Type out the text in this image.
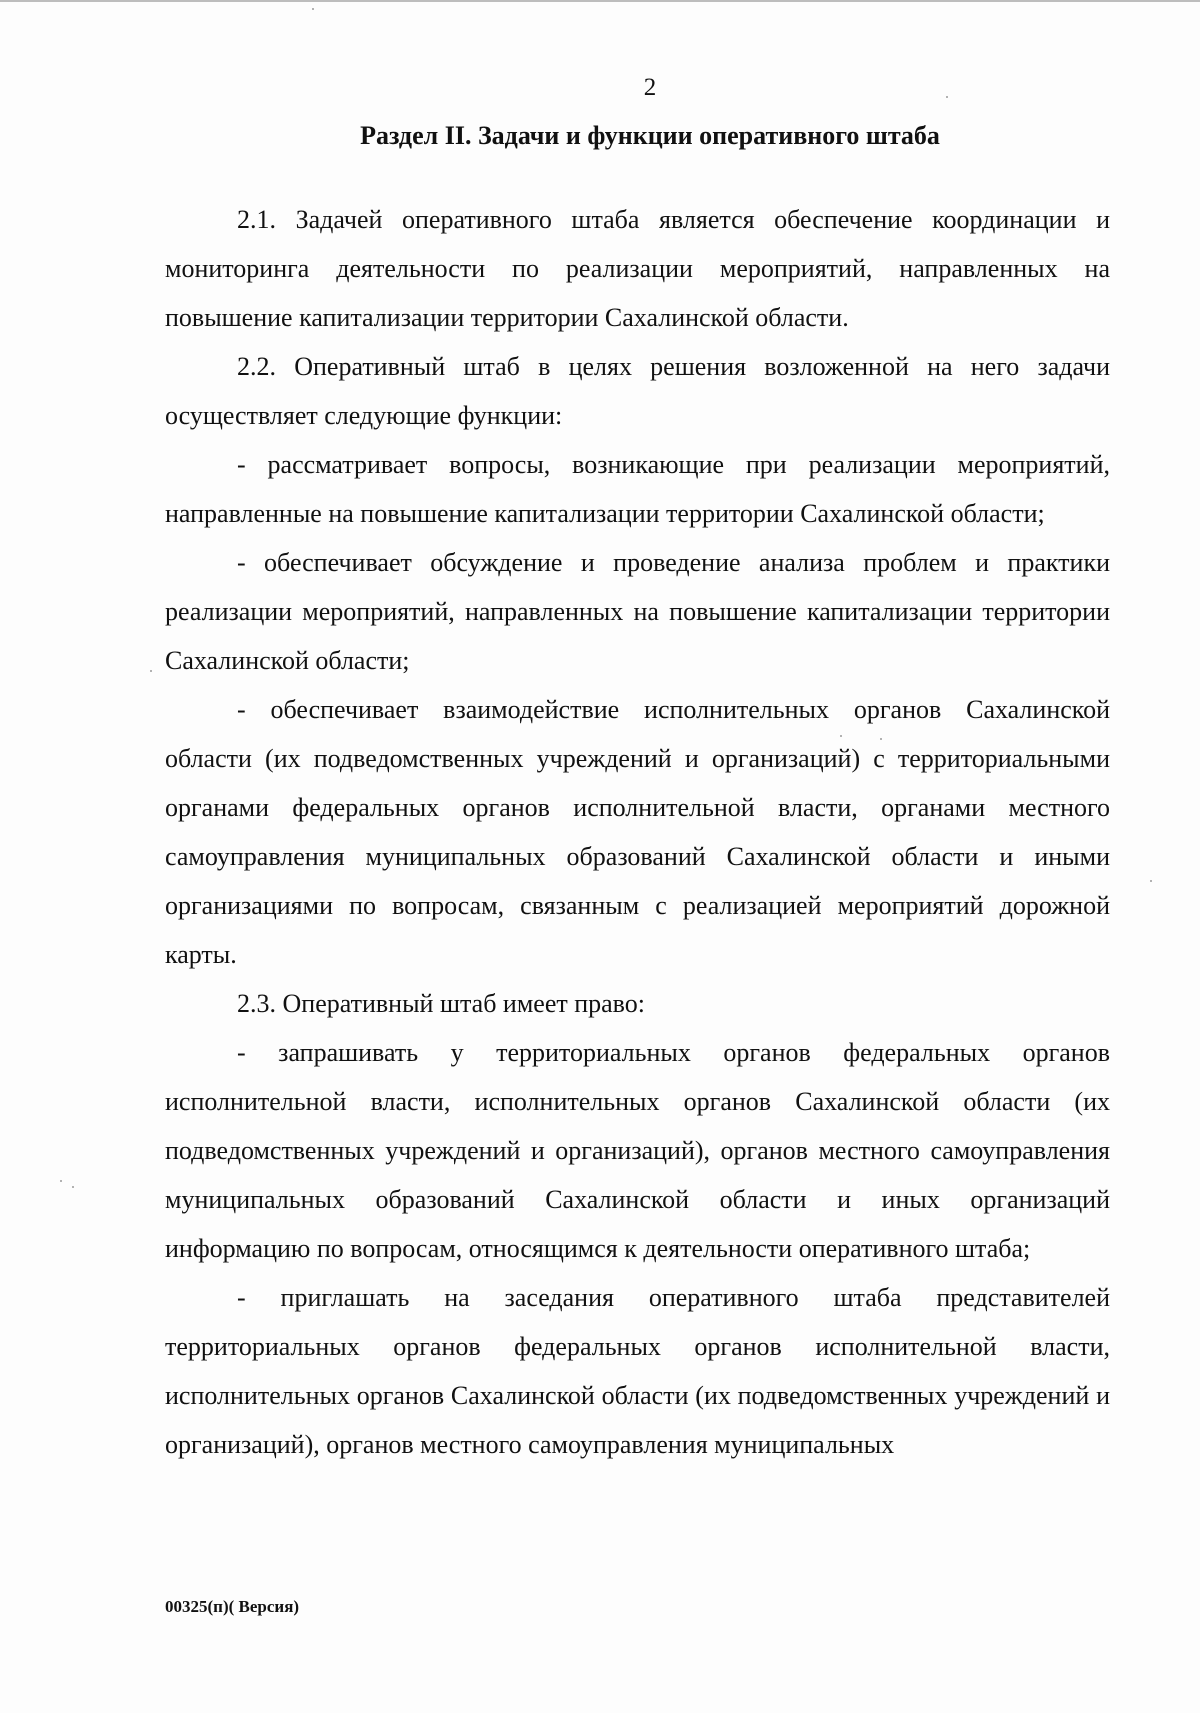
2
Раздел II. Задачи и функции оперативного штаба

2.1. Задачей оперативного штаба является обеспечение координации и мониторинга деятельности по реализации мероприятий, направленных на повышение капитализации территории Сахалинской области.

2.2. Оперативный штаб в целях решения возложенной на него задачи осуществляет следующие функции:

- рассматривает вопросы, возникающие при реализации мероприятий, направленные на повышение капитализации территории Сахалинской области;

- обеспечивает обсуждение и проведение анализа проблем и практики реализации мероприятий, направленных на повышение капитализации территории Сахалинской области;

- обеспечивает взаимодействие исполнительных органов Сахалинской области (их подведомственных учреждений и организаций) с территориальными органами федеральных органов исполнительной власти, органами местного самоуправления муниципальных образований Сахалинской области и иными организациями по вопросам, связанным с реализацией мероприятий дорожной карты.

2.3. Оперативный штаб имеет право:

- запрашивать у территориальных органов федеральных органов исполнительной власти, исполнительных органов Сахалинской области (их подведомственных учреждений и организаций), органов местного самоуправления муниципальных образований Сахалинской области и иных организаций информацию по вопросам, относящимся к деятельности оперативного штаба;

- приглашать на заседания оперативного штаба представителей территориальных органов федеральных органов исполнительной власти, исполнительных органов Сахалинской области (их подведомственных учреждений и организаций), органов местного самоуправления муниципальных

00325(п)( Версия)
